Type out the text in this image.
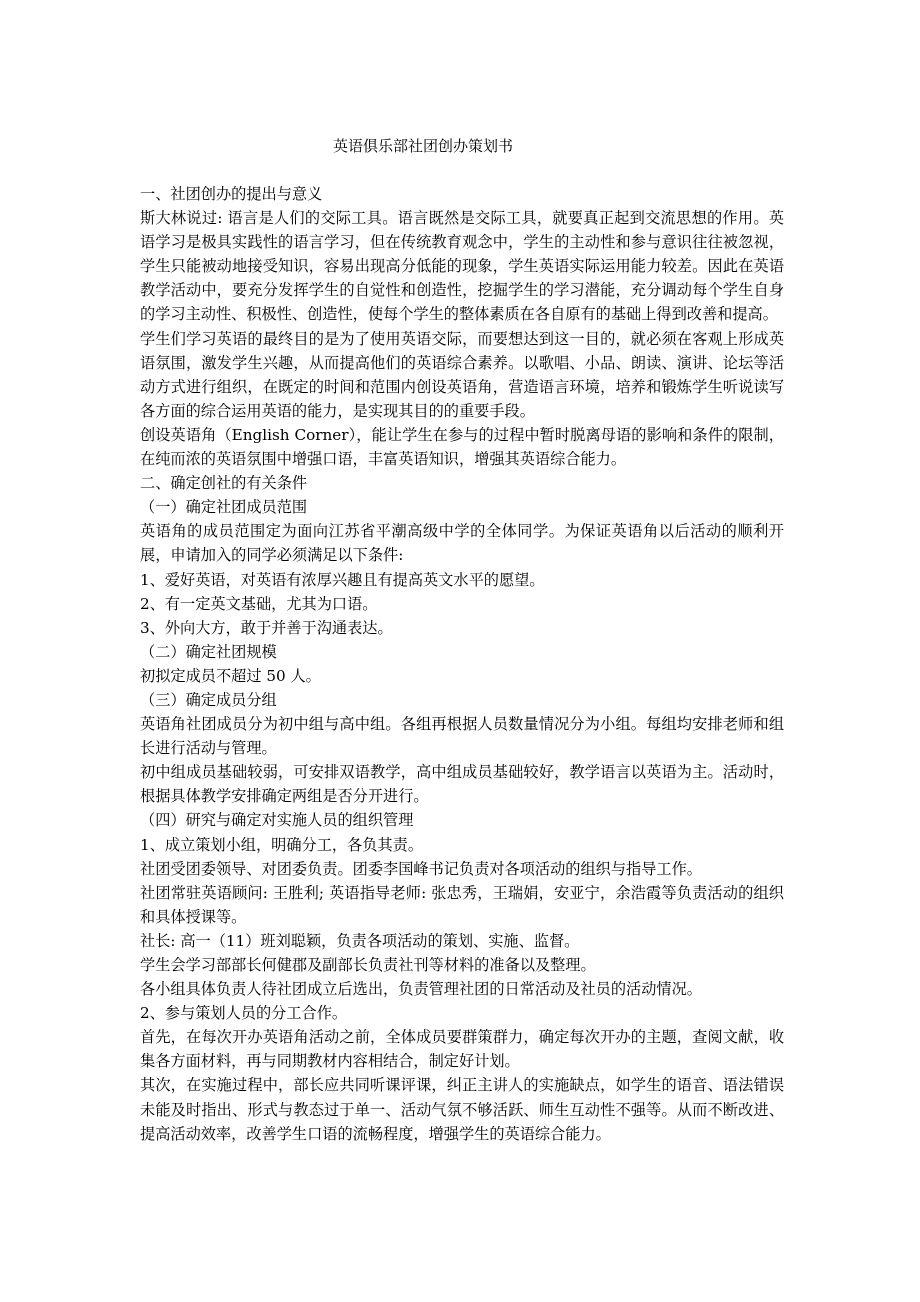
英语俱乐部社团创办策划书

一、社团创办的提出与意义

斯大林说过: 语言是人们的交际工具。语言既然是交际工具，就要真正起到交流思想的作用。英语学习是极具实践性的语言学习，但在传统教育观念中，学生的主动性和参与意识往往被忽视，学生只能被动地接受知识，容易出现高分低能的现象，学生英语实际运用能力较差。因此在英语教学活动中，要充分发挥学生的自觉性和创造性，挖掘学生的学习潜能，充分调动每个学生自身的学习主动性、积极性、创造性，使每个学生的整体素质在各自原有的基础上得到改善和提高。

学生们学习英语的最终目的是为了使用英语交际，而要想达到这一目的，就必须在客观上形成英语氛围，激发学生兴趣，从而提高他们的英语综合素养。以歌唱、小品、朗读、演讲、论坛等活动方式进行组织，在既定的时间和范围内创设英语角，营造语言环境，培养和锻炼学生听说读写各方面的综合运用英语的能力，是实现其目的的重要手段。

创设英语角（English Corner），能让学生在参与的过程中暂时脱离母语的影响和条件的限制，在纯而浓的英语氛围中增强口语，丰富英语知识，增强其英语综合能力。

二、确定创社的有关条件

（一）确定社团成员范围

英语角的成员范围定为面向江苏省平潮高级中学的全体同学。为保证英语角以后活动的顺利开展，申请加入的同学必须满足以下条件:

1、爱好英语，对英语有浓厚兴趣且有提高英文水平的愿望。

2、有一定英文基础，尤其为口语。

3、外向大方，敢于并善于沟通表达。

（二）确定社团规模

初拟定成员不超过 50 人。

（三）确定成员分组

英语角社团成员分为初中组与高中组。各组再根据人员数量情况分为小组。每组均安排老师和组长进行活动与管理。

初中组成员基础较弱，可安排双语教学，高中组成员基础较好，教学语言以英语为主。活动时，根据具体教学安排确定两组是否分开进行。

（四）研究与确定对实施人员的组织管理

1、成立策划小组，明确分工，各负其责。

社团受团委领导、对团委负责。团委李国峰书记负责对各项活动的组织与指导工作。

社团常驻英语顾问: 王胜利; 英语指导老师: 张忠秀，王瑞娟，安亚宁，余浩霞等负责活动的组织和具体授课等。

社长: 高一（11）班刘聪颖，负责各项活动的策划、实施、监督。

学生会学习部部长何健郡及副部长负责社刊等材料的准备以及整理。

各小组具体负责人待社团成立后选出，负责管理社团的日常活动及社员的活动情况。

2、参与策划人员的分工合作。

首先，在每次开办英语角活动之前，全体成员要群策群力，确定每次开办的主题，查阅文献，收集各方面材料，再与同期教材内容相结合，制定好计划。

其次，在实施过程中，部长应共同听课评课，纠正主讲人的实施缺点，如学生的语音、语法错误未能及时指出、形式与教态过于单一、活动气氛不够活跃、师生互动性不强等。从而不断改进、提高活动效率，改善学生口语的流畅程度，增强学生的英语综合能力。
